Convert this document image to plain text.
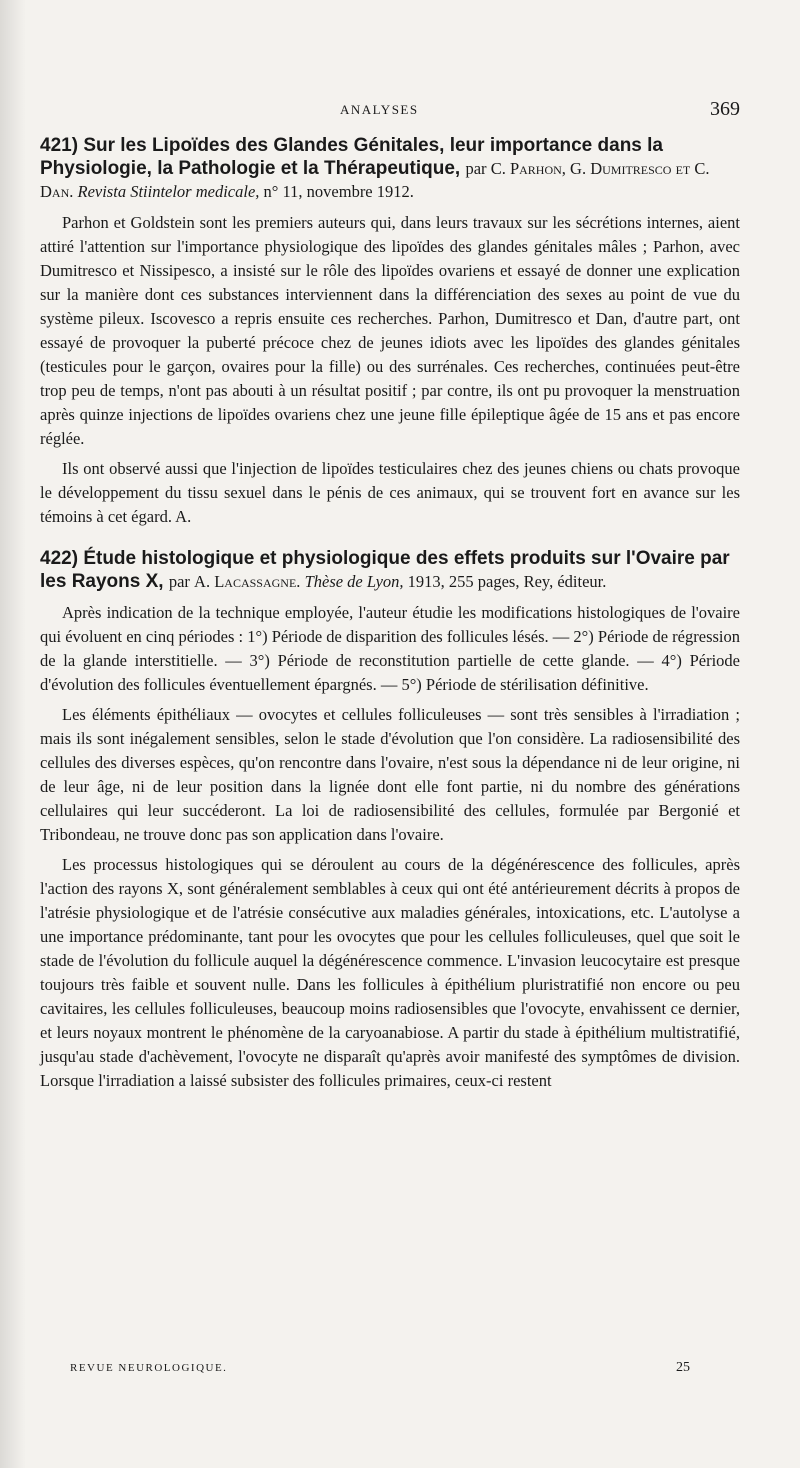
ANALYSES	369
421) Sur les Lipoïdes des Glandes Génitales, leur importance dans la Physiologie, la Pathologie et la Thérapeutique, par C. Parhon, G. Dumitresco et C. Dan. Revista Stiintelor medicale, n° 11, novembre 1912.

Parhon et Goldstein sont les premiers auteurs qui, dans leurs travaux sur les sécrétions internes, aient attiré l'attention sur l'importance physiologique des lipoïdes des glandes génitales mâles ; Parhon, avec Dumitresco et Nissipesco, a insisté sur le rôle des lipoïdes ovariens et essayé de donner une explication sur la manière dont ces substances interviennent dans la différenciation des sexes au point de vue du système pileux. Iscovesco a repris ensuite ces recherches. Parhon, Dumitresco et Dan, d'autre part, ont essayé de provoquer la puberté précoce chez de jeunes idiots avec les lipoïdes des glandes génitales (testicules pour le garçon, ovaires pour la fille) ou des surrénales. Ces recherches, continuées peut-être trop peu de temps, n'ont pas abouti à un résultat positif ; par contre, ils ont pu provoquer la menstruation après quinze injections de lipoïdes ovariens chez une jeune fille épileptique âgée de 15 ans et pas encore réglée.

Ils ont observé aussi que l'injection de lipoïdes testiculaires chez des jeunes chiens ou chats provoque le développement du tissu sexuel dans le pénis de ces animaux, qui se trouvent fort en avance sur les témoins à cet égard. A.

422) Étude histologique et physiologique des effets produits sur l'Ovaire par les Rayons X, par A. Lacassagne. Thèse de Lyon, 1913, 255 pages, Rey, éditeur.

Après indication de la technique employée, l'auteur étudie les modifications histologiques de l'ovaire qui évoluent en cinq périodes : 1°) Période de disparition des follicules lésés. — 2°) Période de régression de la glande interstitielle. — 3°) Période de reconstitution partielle de cette glande. — 4°) Période d'évolution des follicules éventuellement épargnés. — 5°) Période de stérilisation définitive.

Les éléments épithéliaux — ovocytes et cellules folliculeuses — sont très sensibles à l'irradiation ; mais ils sont inégalement sensibles, selon le stade d'évolution que l'on considère. La radiosensibilité des cellules des diverses espèces, qu'on rencontre dans l'ovaire, n'est sous la dépendance ni de leur origine, ni de leur âge, ni de leur position dans la lignée dont elle font partie, ni du nombre des générations cellulaires qui leur succéderont. La loi de radiosensibilité des cellules, formulée par Bergonié et Tribondeau, ne trouve donc pas son application dans l'ovaire.

Les processus histologiques qui se déroulent au cours de la dégénérescence des follicules, après l'action des rayons X, sont généralement semblables à ceux qui ont été antérieurement décrits à propos de l'atrésie physiologique et de l'atrésie consécutive aux maladies générales, intoxications, etc. L'autolyse a une importance prédominante, tant pour les ovocytes que pour les cellules folliculeuses, quel que soit le stade de l'évolution du follicule auquel la dégénérescence commence. L'invasion leucocytaire est presque toujours très faible et souvent nulle. Dans les follicules à épithélium pluristratifié non encore ou peu cavitaires, les cellules folliculeuses, beaucoup moins radiosensibles que l'ovocyte, envahissent ce dernier, et leurs noyaux montrent le phénomène de la caryoanabiose. A partir du stade à épithélium multistratifié, jusqu'au stade d'achèvement, l'ovocyte ne disparaît qu'après avoir manifesté des symptômes de division. Lorsque l'irradiation a laissé subsister des follicules primaires, ceux-ci restent

REVUE NEUROLOGIQUE.	25
